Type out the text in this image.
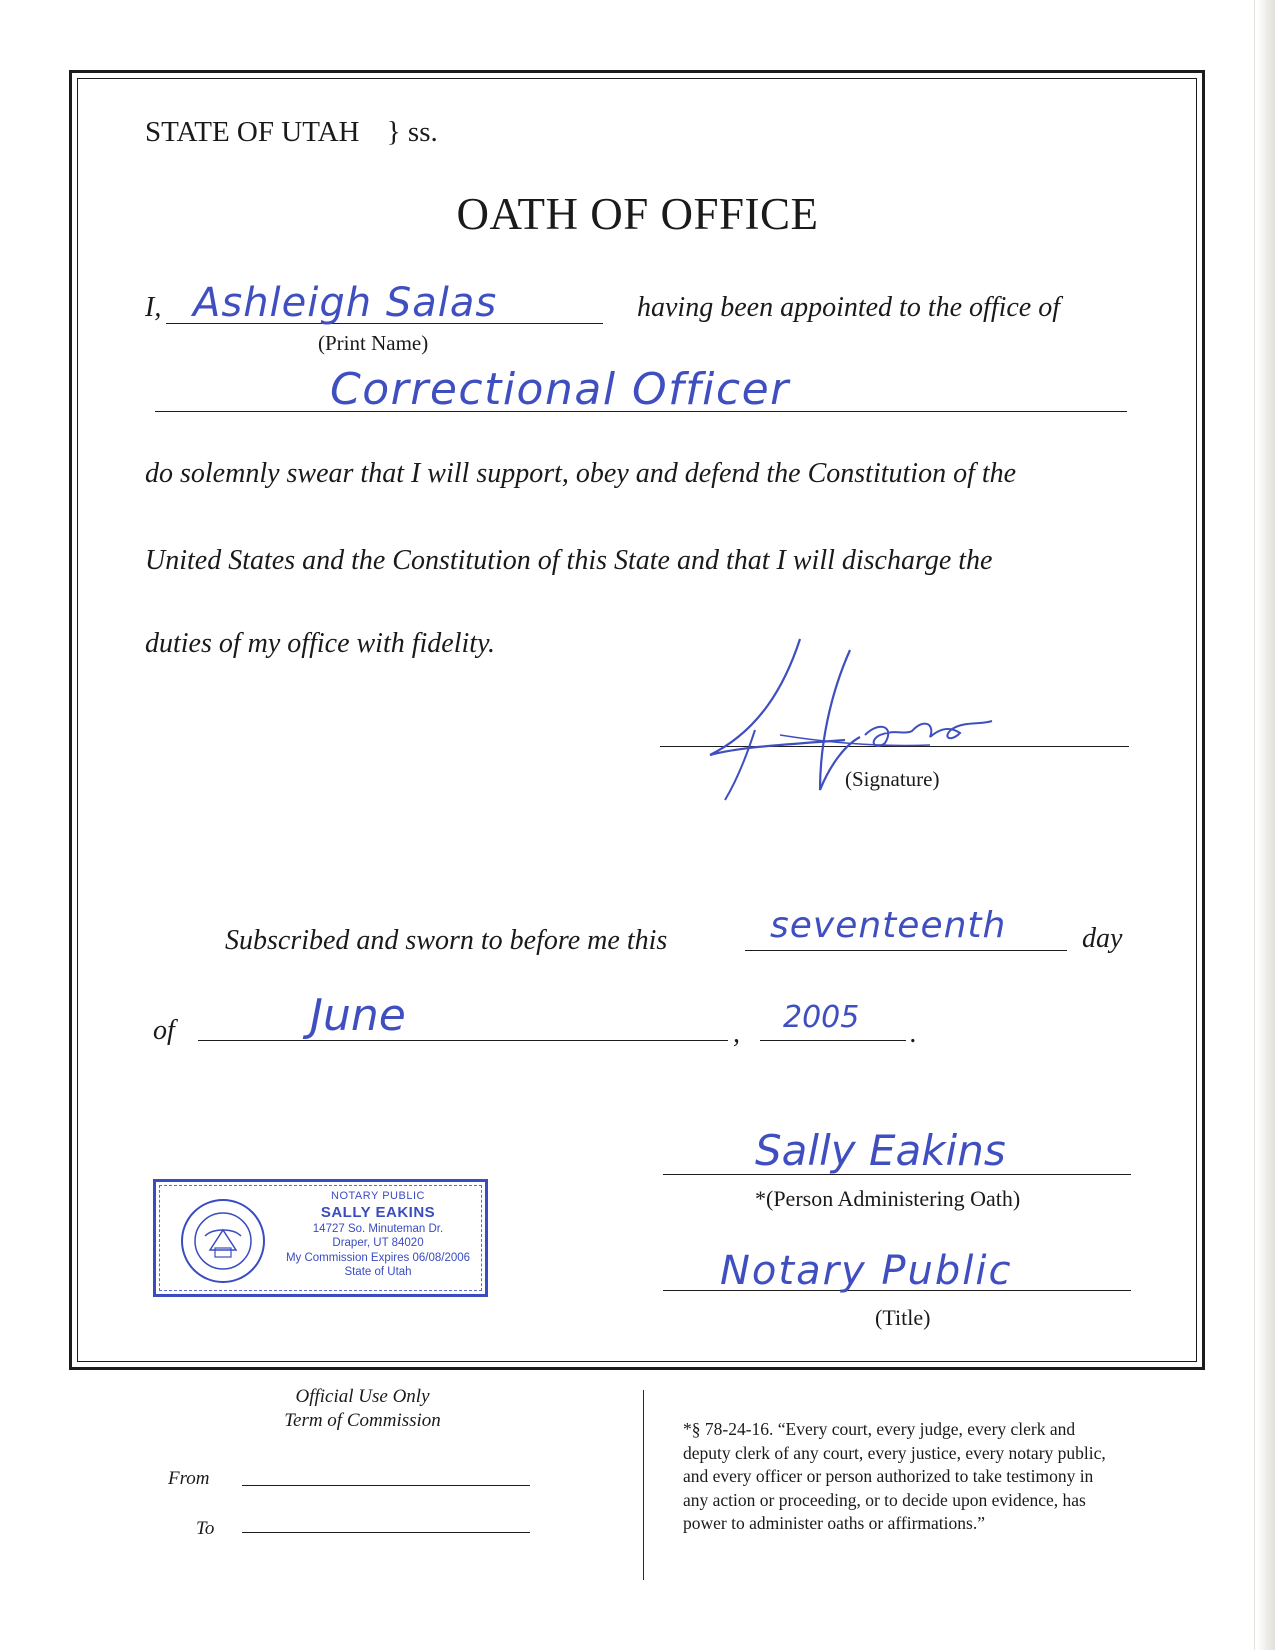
STATE OF UTAH } ss.
OATH OF OFFICE
I, Ashleigh Salas
(Print Name)
having been appointed to the office of
Correctional Officer
do solemnly swear that I will support, obey and defend the Constitution of the
United States and the Constitution of this State and that I will discharge the
duties of my office with fidelity.
(Signature)
Subscribed and sworn to before me this	seventeenth	day
of	June	, 2005 .
Sally Eakins
*(Person Administering Oath)
Notary Public
(Title)
NOTARY PUBLIC
SALLY EAKINS
14727 So. Minuteman Dr.
Draper, UT 84020
My Commission Expires 06/08/2006
State of Utah
Official Use Only
Term of Commission
From
To
*§ 78-24-16. “Every court, every judge, every clerk and
deputy clerk of any court, every justice, every notary public,
and every officer or person authorized to take testimony in
any action or proceeding, or to decide upon evidence, has
power to administer oaths or affirmations.”
